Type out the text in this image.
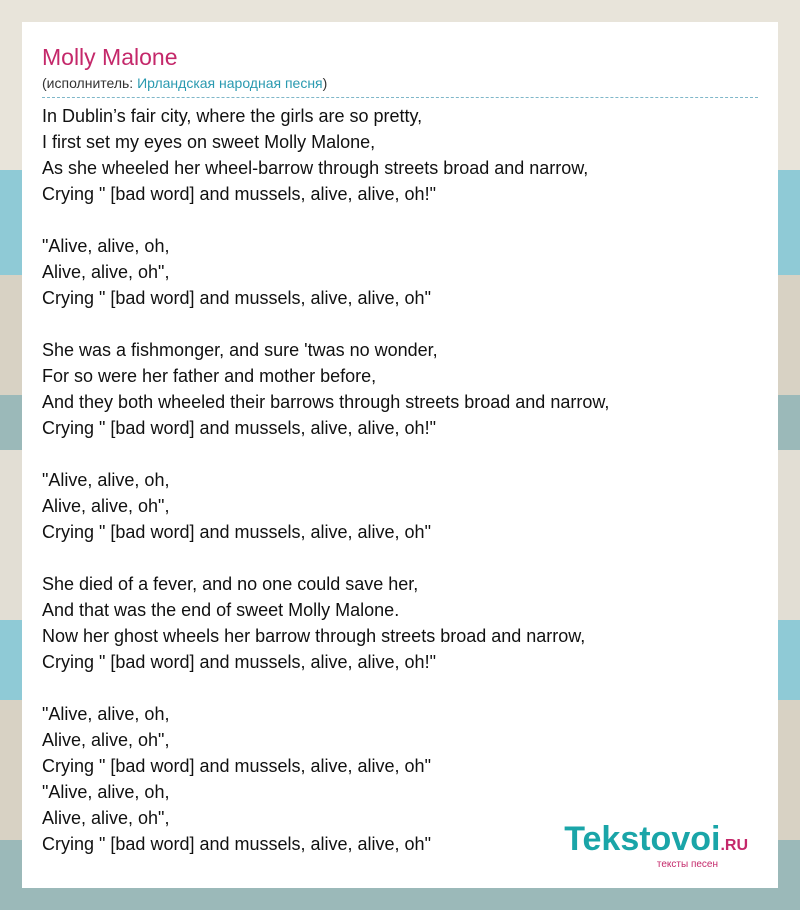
Molly Malone
(исполнитель: Ирландская народная песня)
In Dublin’s fair city, where the girls are so pretty,
I first set my eyes on sweet Molly Malone,
As she wheeled her wheel-barrow through streets broad and narrow,
Crying " [bad word] and mussels, alive, alive, oh!"

"Alive, alive, oh,
Alive, alive, oh",
Crying " [bad word] and mussels, alive, alive, oh"

She was a fishmonger, and sure 'twas no wonder,
For so were her father and mother before,
And they both wheeled their barrows through streets broad and narrow,
Crying " [bad word] and mussels, alive, alive, oh!"

"Alive, alive, oh,
Alive, alive, oh",
Crying " [bad word] and mussels, alive, alive, oh"

She died of a fever, and no one could save her,
And that was the end of sweet Molly Malone.
Now her ghost wheels her barrow through streets broad and narrow,
Crying " [bad word] and mussels, alive, alive, oh!"

"Alive, alive, oh,
Alive, alive, oh",
Crying " [bad word] and mussels, alive, alive, oh"
"Alive, alive, oh,
Alive, alive, oh",
Crying " [bad word] and mussels, alive, alive, oh"	Tekstovoi.RU
тексты песен
